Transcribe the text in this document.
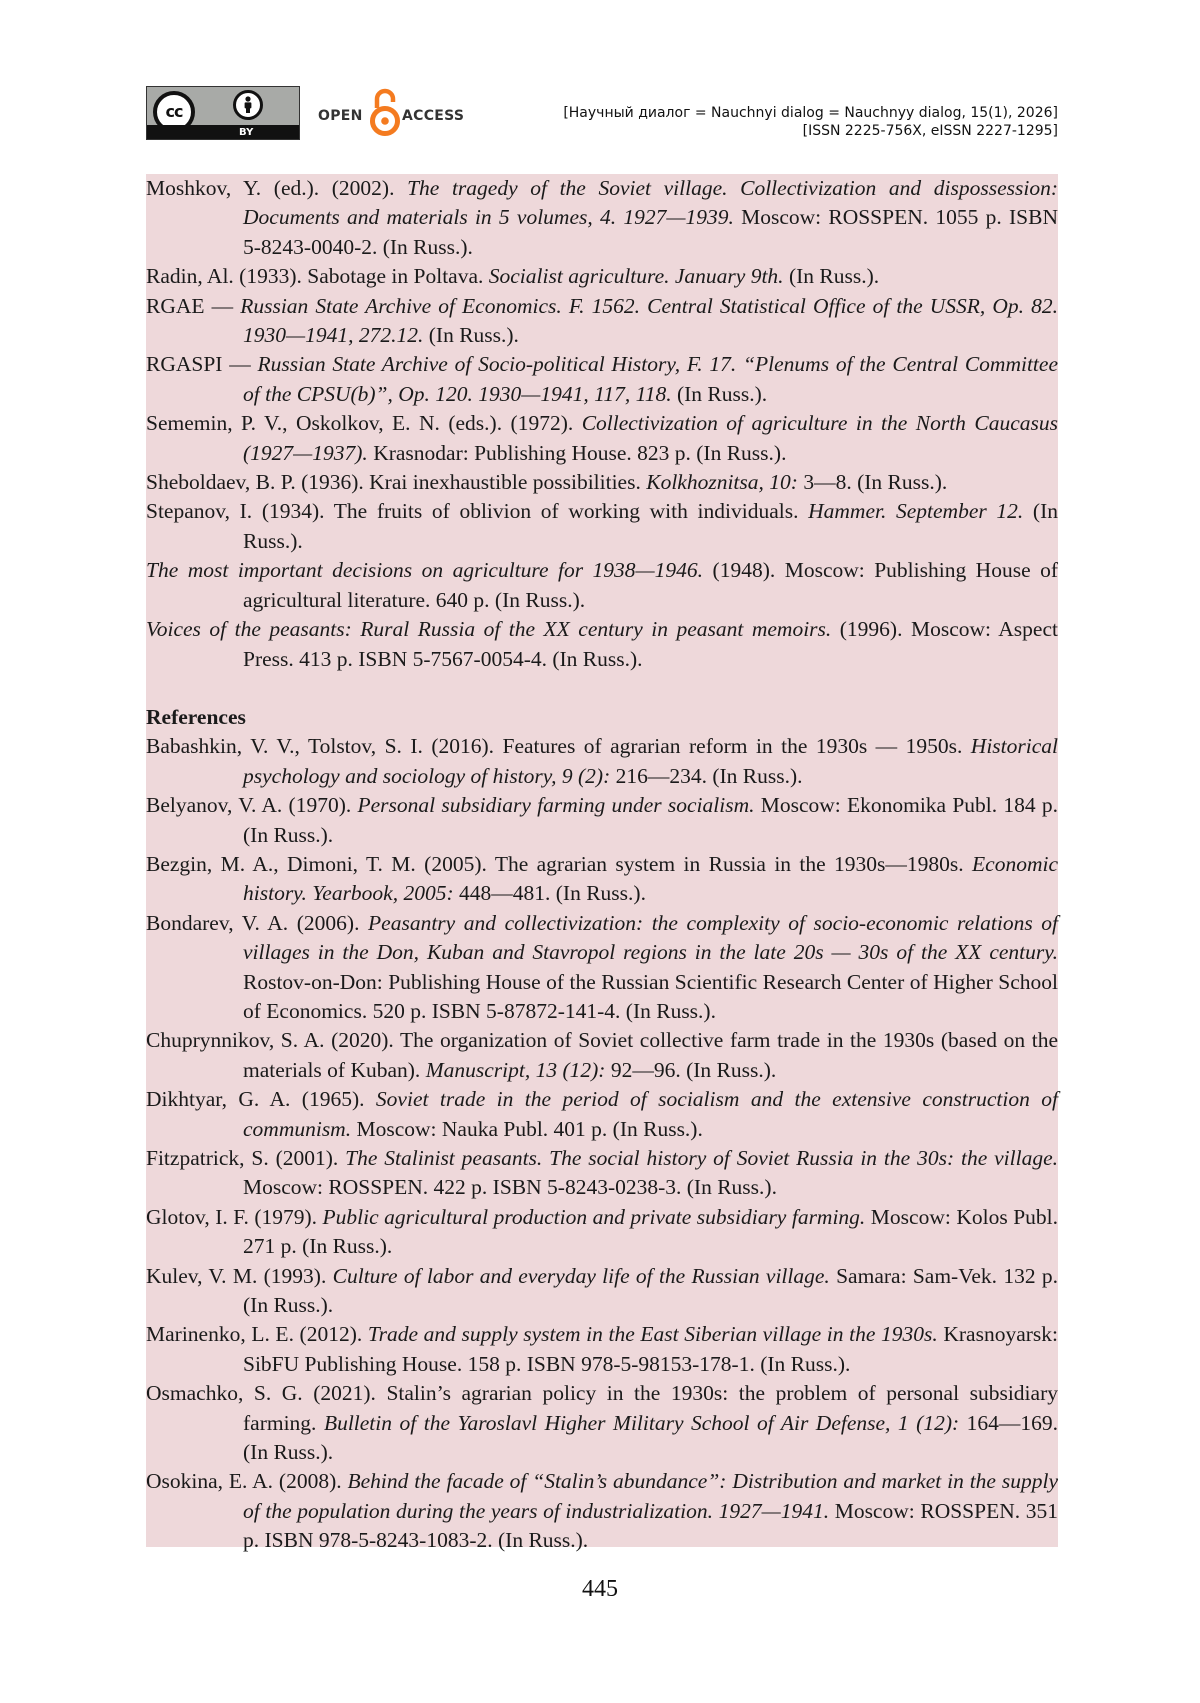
cc
BY
OPEN	ACCESS	[Научный диалог = Nauchnyi dialog = Nauchnyy dialog, 15(1), 2026]
[ISSN 2225-756X, eISSN 2227-1295]

Moshkov, Y. (ed.). (2002). The tragedy of the Soviet village. Collectivization and dispossession: Documents and materials in 5 volumes, 4. 1927—1939. Moscow: ROSSPEN. 1055 p. ISBN 5-8243-0040-2. (In Russ.).

Radin, Al. (1933). Sabotage in Poltava. Socialist agriculture. January 9th. (In Russ.).

RGAE — Russian State Archive of Economics. F. 1562. Central Statistical Office of the USSR, Op. 82. 1930—1941, 272.12. (In Russ.).

RGASPI — Russian State Archive of Socio-political History, F. 17. “Plenums of the Central Committee of the CPSU(b)”, Op. 120. 1930—1941, 117, 118. (In Russ.).

Sememin, P. V., Oskolkov, E. N. (eds.). (1972). Collectivization of agriculture in the North Caucasus (1927—1937). Krasnodar: Publishing House. 823 p. (In Russ.).

Sheboldaev, B. P. (1936). Krai inexhaustible possibilities. Kolkhoznitsa, 10: 3—8. (In Russ.).

Stepanov, I. (1934). The fruits of oblivion of working with individuals. Hammer. September 12. (In Russ.).

The most important decisions on agriculture for 1938—1946. (1948). Moscow: Publishing House of agricultural literature. 640 p. (In Russ.).

Voices of the peasants: Rural Russia of the XX century in peasant memoirs. (1996). Moscow: Aspect Press. 413 p. ISBN 5-7567-0054-4. (In Russ.).

References

Babashkin, V. V., Tolstov, S. I. (2016). Features of agrarian reform in the 1930s — 1950s. Historical psychology and sociology of history, 9 (2): 216—234. (In Russ.).

Belyanov, V. A. (1970). Personal subsidiary farming under socialism. Moscow: Ekonomika Publ. 184 p. (In Russ.).

Bezgin, M. A., Dimoni, T. M. (2005). The agrarian system in Russia in the 1930s—1980s. Economic history. Yearbook, 2005: 448—481. (In Russ.).

Bondarev, V. A. (2006). Peasantry and collectivization: the complexity of socio-economic relations of villages in the Don, Kuban and Stavropol regions in the late 20s — 30s of the XX century. Rostov-on-Don: Publishing House of the Russian Scientific Research Center of Higher School of Economics. 520 p. ISBN 5-87872-141-4. (In Russ.).

Chuprynnikov, S. A. (2020). The organization of Soviet collective farm trade in the 1930s (based on the materials of Kuban). Manuscript, 13 (12): 92—96. (In Russ.).

Dikhtyar, G. A. (1965). Soviet trade in the period of socialism and the extensive construction of communism. Moscow: Nauka Publ. 401 p. (In Russ.).

Fitzpatrick, S. (2001). The Stalinist peasants. The social history of Soviet Russia in the 30s: the village. Moscow: ROSSPEN. 422 p. ISBN 5-8243-0238-3. (In Russ.).

Glotov, I. F. (1979). Public agricultural production and private subsidiary farming. Moscow: Kolos Publ. 271 p. (In Russ.).

Kulev, V. M. (1993). Culture of labor and everyday life of the Russian village. Samara: Sam-Vek. 132 p. (In Russ.).

Marinenko, L. E. (2012). Trade and supply system in the East Siberian village in the 1930s. Krasnoyarsk: SibFU Publishing House. 158 p. ISBN 978-5-98153-178-1. (In Russ.).

Osmachko, S. G. (2021). Stalin’s agrarian policy in the 1930s: the problem of personal subsidiary farming. Bulletin of the Yaroslavl Higher Military School of Air Defense, 1 (12): 164—169. (In Russ.).

Osokina, E. A. (2008). Behind the facade of “Stalin’s abundance”: Distribution and market in the supply of the population during the years of industrialization. 1927—1941. Moscow: ROSSPEN. 351 p. ISBN 978-5-8243-1083-2. (In Russ.).

445
